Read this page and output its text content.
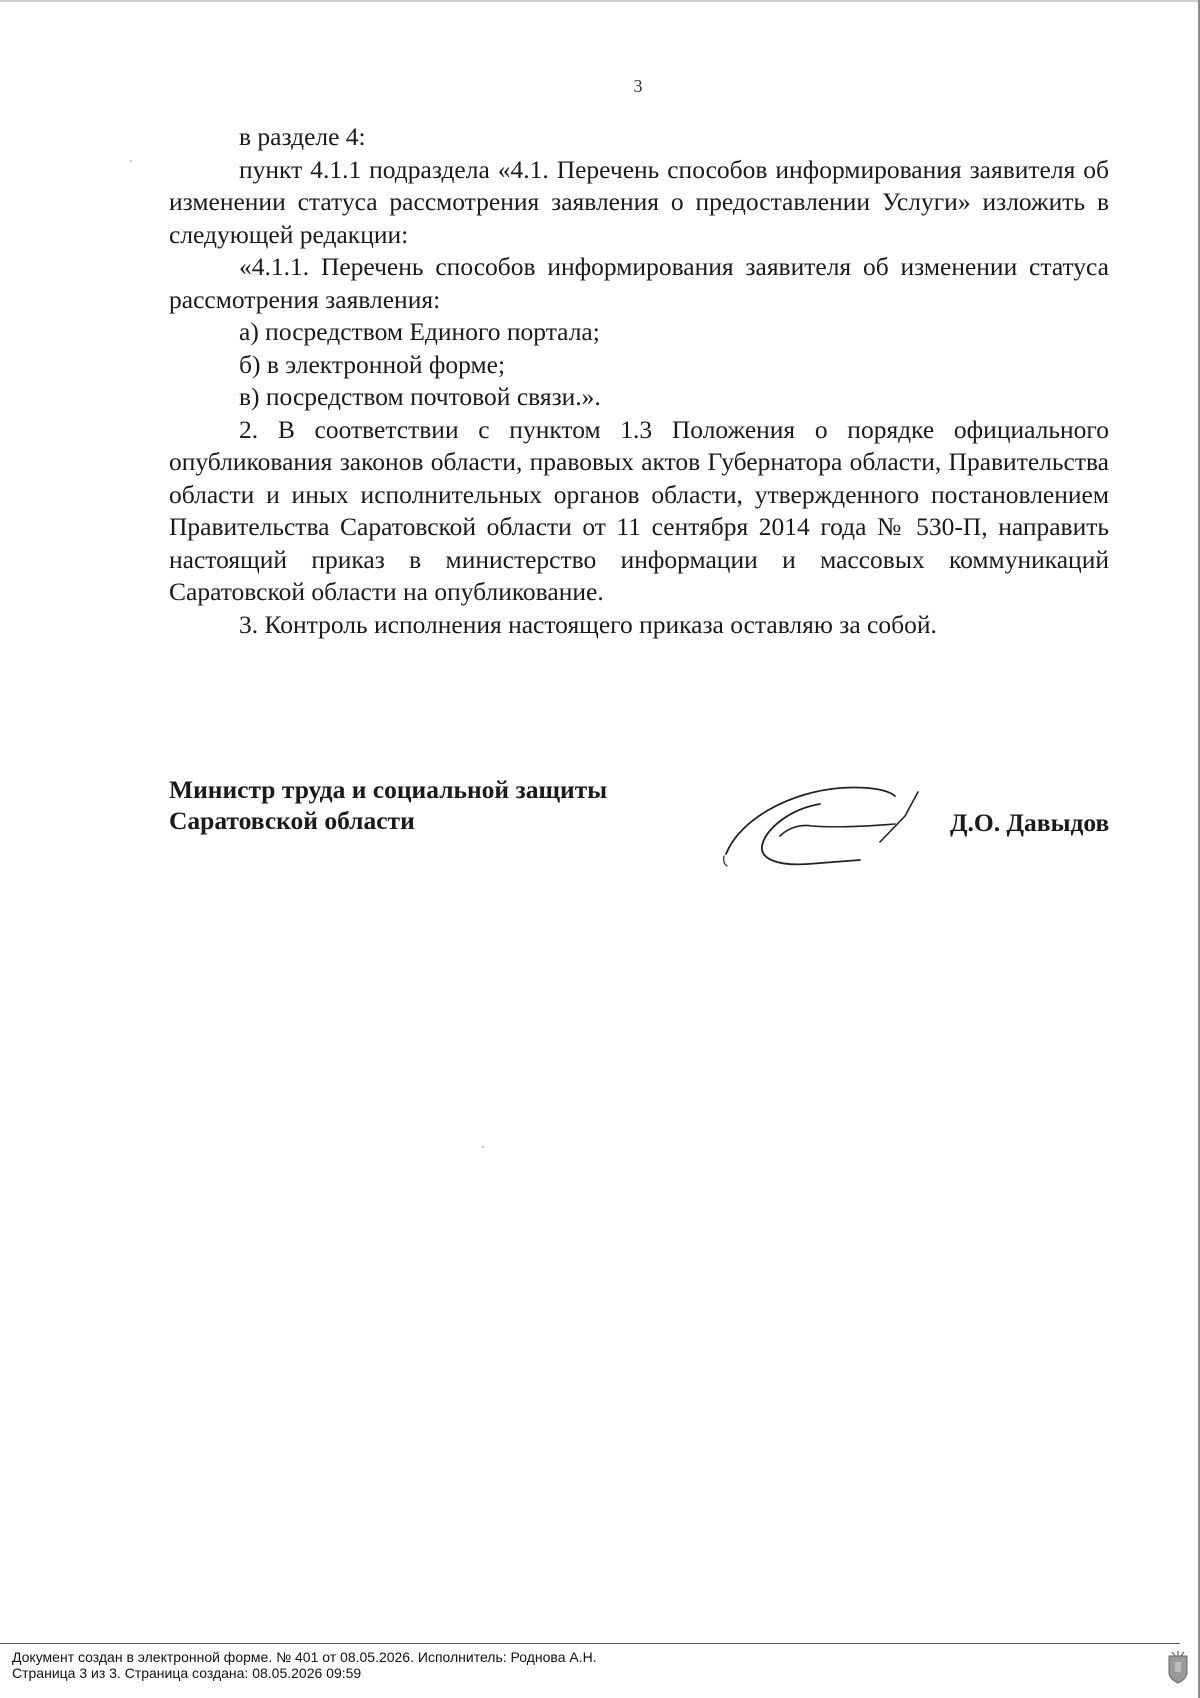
3

в разделе 4:

пункт 4.1.1 подраздела «4.1. Перечень способов информирования заявителя об изменении статуса рассмотрения заявления о предоставлении Услуги» изложить в следующей редакции:

«4.1.1. Перечень способов информирования заявителя об изменении статуса рассмотрения заявления:

а) посредством Единого портала;

б) в электронной форме;

в) посредством почтовой связи.».

2. В соответствии с пунктом 1.3 Положения о порядке официального опубликования законов области, правовых актов Губернатора области, Правительства области и иных исполнительных органов области, утвержденного постановлением Правительства Саратовской области от 11 сентября 2014 года № 530-П, направить настоящий приказ в министерство информации и массовых коммуникаций Саратовской области на опубликование.

3. Контроль исполнения настоящего приказа оставляю за собой.

Министр труда и социальной защиты
Саратовской области	Д.О. Давыдов
Документ создан в электронной форме. № 401 от 08.05.2026. Исполнитель: Роднова А.Н.
Страница 3 из 3. Страница создана: 08.05.2026 09:59
